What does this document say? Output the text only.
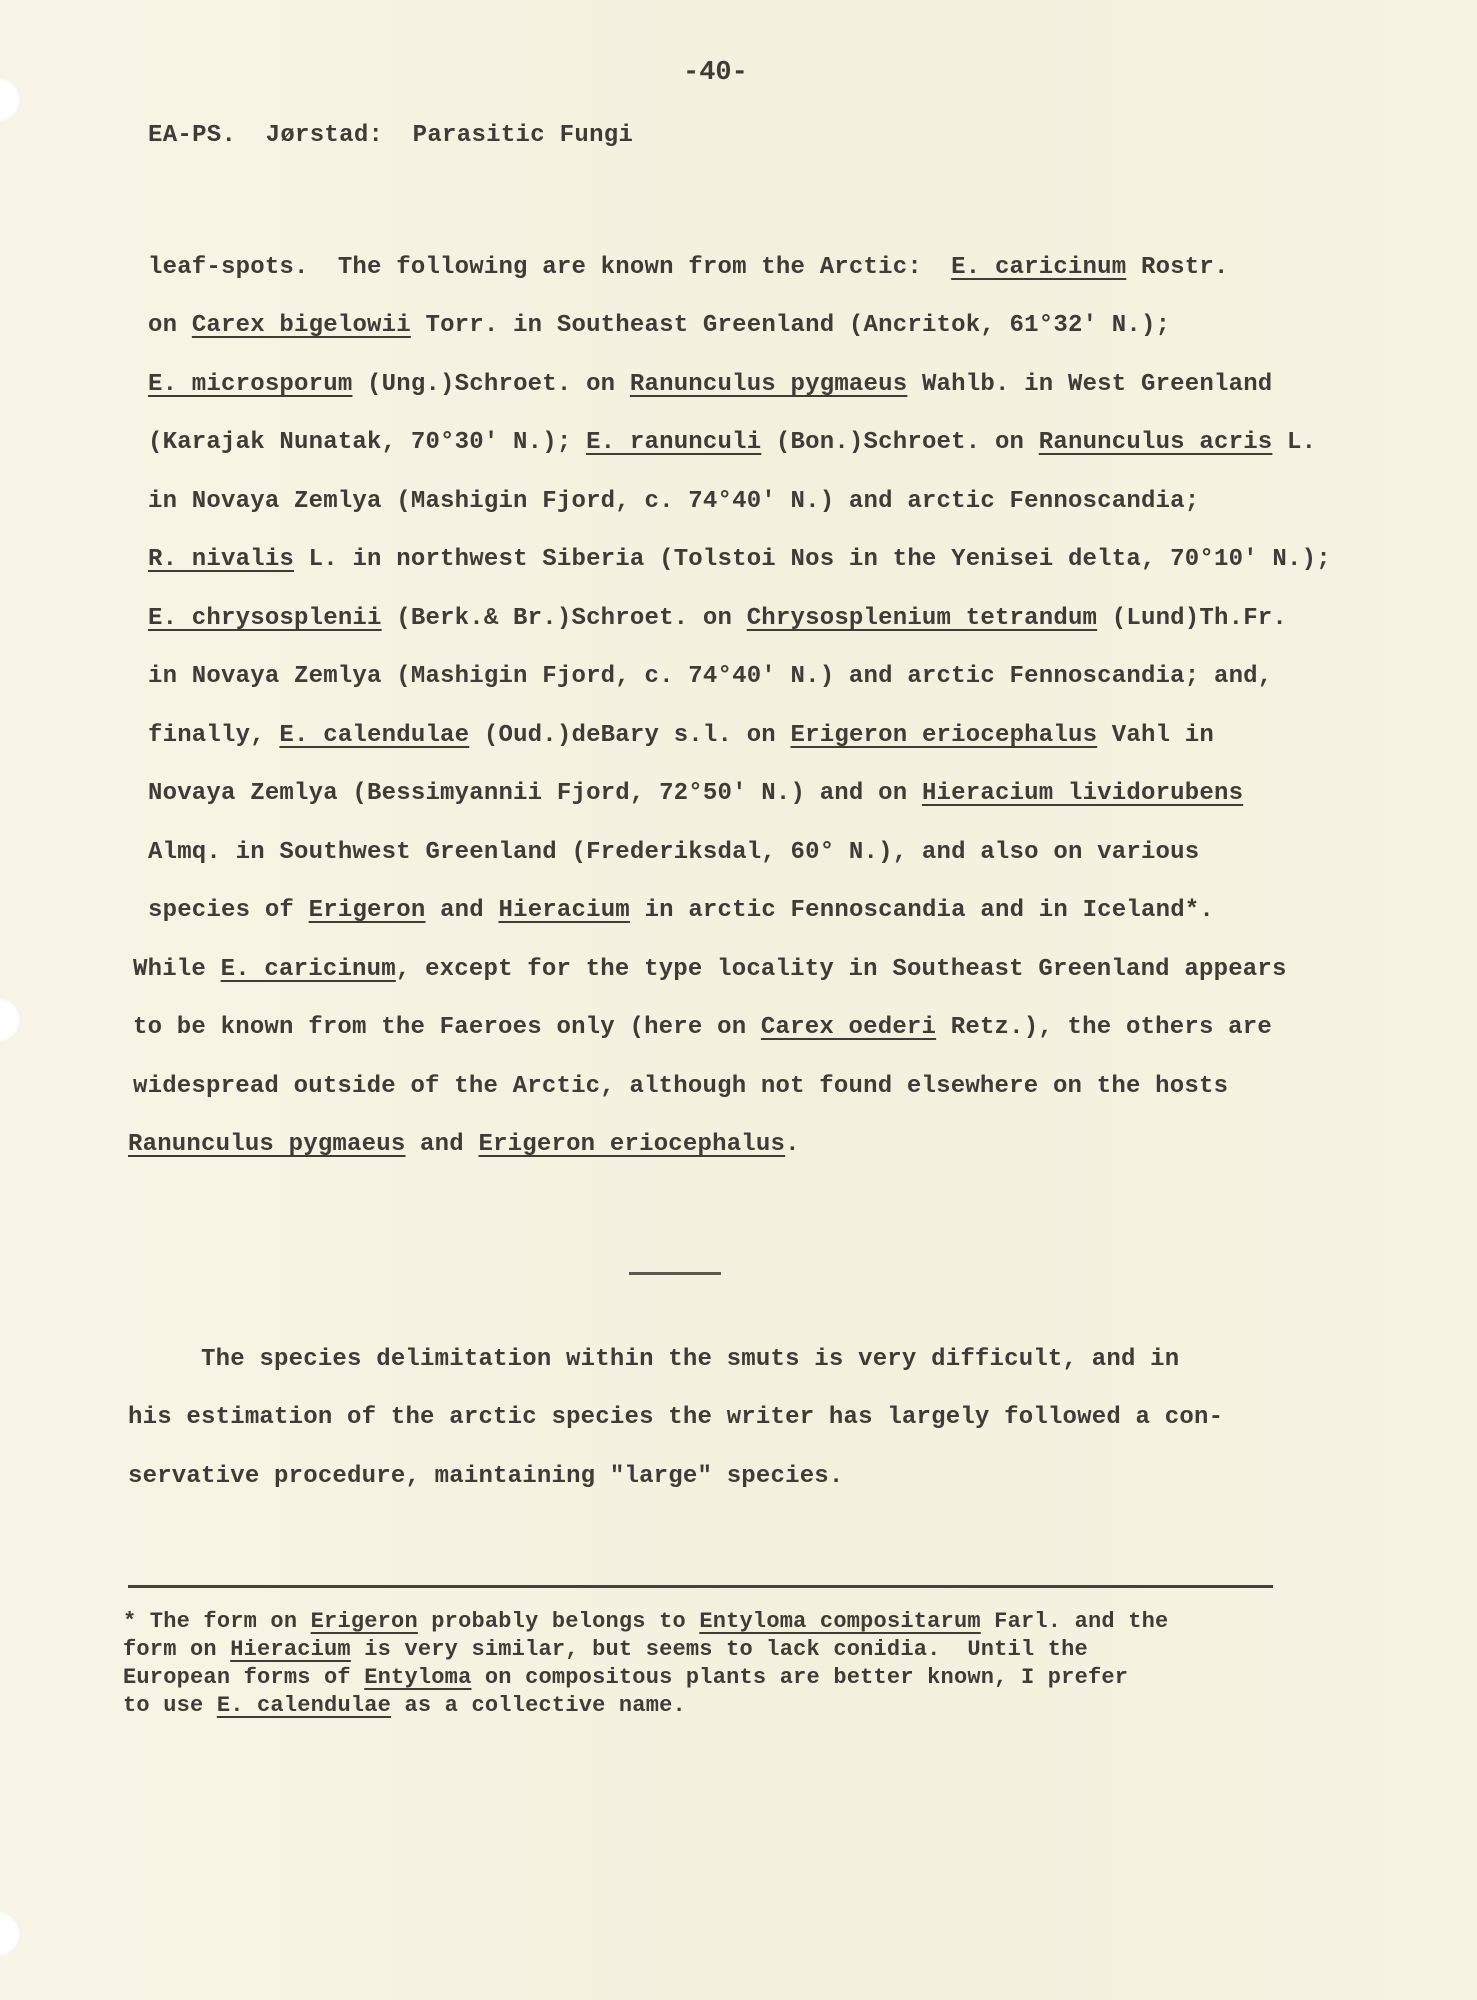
-40-
EA-PS.  Jørstad:  Parasitic Fungi
leaf-spots.  The following are known from the Arctic:  E. caricinum Rostr.
on Carex bigelowii Torr. in Southeast Greenland (Ancritok, 61°32' N.);
E. microsporum (Ung.)Schroet. on Ranunculus pygmaeus Wahlb. in West Greenland
(Karajak Nunatak, 70°30' N.); E. ranunculi (Bon.)Schroet. on Ranunculus acris L.
in Novaya Zemlya (Mashigin Fjord, c. 74°40' N.) and arctic Fennoscandia;
R. nivalis L. in northwest Siberia (Tolstoi Nos in the Yenisei delta, 70°10' N.);
E. chrysosplenii (Berk.& Br.)Schroet. on Chrysosplenium tetrandum (Lund)Th.Fr.
in Novaya Zemlya (Mashigin Fjord, c. 74°40' N.) and arctic Fennoscandia; and,
finally, E. calendulae (Oud.)deBary s.l. on Erigeron eriocephalus Vahl in
Novaya Zemlya (Bessimyannii Fjord, 72°50' N.) and on Hieracium lividorubens
Almq. in Southwest Greenland (Frederiksdal, 60° N.), and also on various
species of Erigeron and Hieracium in arctic Fennoscandia and in Iceland*.
While E. caricinum, except for the type locality in Southeast Greenland appears
to be known from the Faeroes only (here on Carex oederi Retz.), the others are
widespread outside of the Arctic, although not found elsewhere on the hosts
Ranunculus pygmaeus and Erigeron eriocephalus.
The species delimitation within the smuts is very difficult, and in
his estimation of the arctic species the writer has largely followed a con-
servative procedure, maintaining "large" species.
* The form on Erigeron probably belongs to Entyloma compositarum Farl. and the
form on Hieracium is very similar, but seems to lack conidia.  Until the
European forms of Entyloma on compositous plants are better known, I prefer
to use E. calendulae as a collective name.
